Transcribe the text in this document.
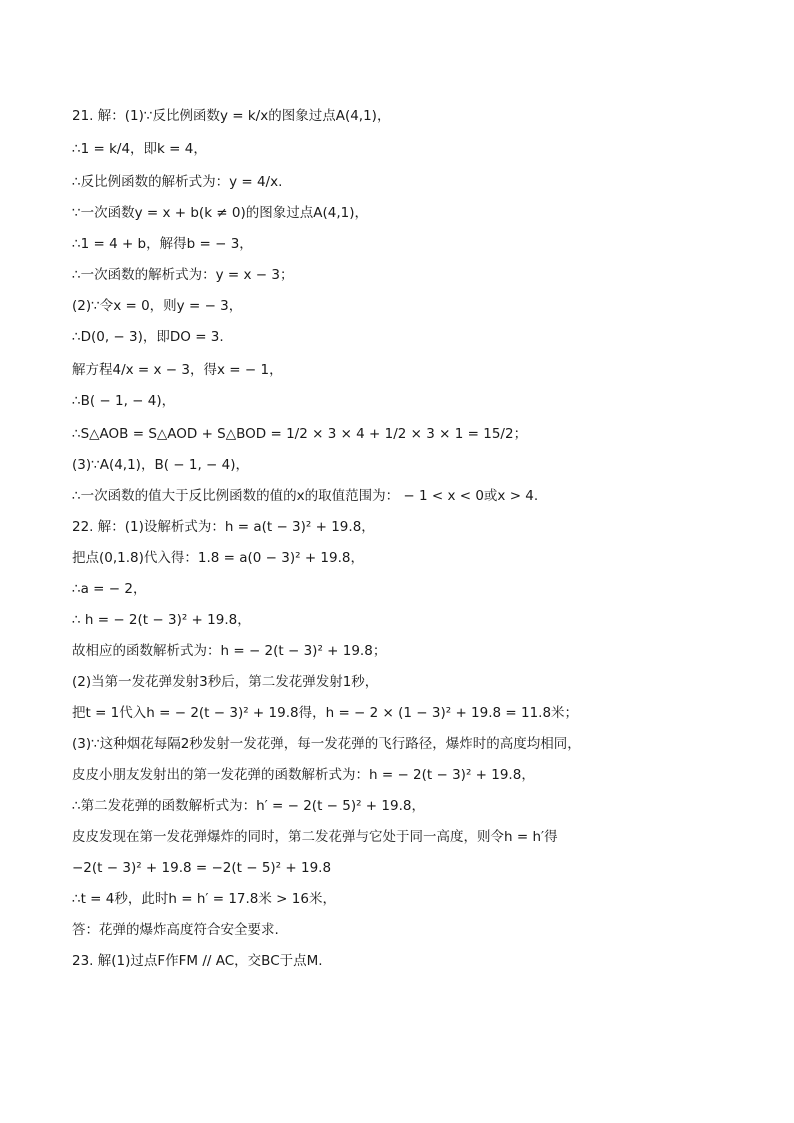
21. 解：(1)∵反比例函数y = k/x的图象过点A(4,1)，
∴1 = k/4，即k = 4，
∴反比例函数的解析式为：y = 4/x.
∵一次函数y = x + b(k ≠ 0)的图象过点A(4,1)，
∴1 = 4 + b，解得b = − 3，
∴一次函数的解析式为：y = x − 3；
(2)∵令x = 0，则y = − 3，
∴D(0, − 3)，即DO = 3.
解方程4/x = x − 3，得x = − 1，
∴B( − 1, − 4)，
∴S△AOB = S△AOD + S△BOD = 1/2 × 3 × 4 + 1/2 × 3 × 1 = 15/2；
(3)∵A(4,1)，B( − 1, − 4)，
∴一次函数的值大于反比例函数的值的x的取值范围为： − 1 < x < 0或x > 4.
22. 解：(1)设解析式为：h = a(t − 3)² + 19.8，
把点(0,1.8)代入得：1.8 = a(0 − 3)² + 19.8，
∴a = − 2，
∴ h = − 2(t − 3)² + 19.8，
故相应的函数解析式为：h = − 2(t − 3)² + 19.8；
(2)当第一发花弹发射3秒后，第二发花弹发射1秒，
把t = 1代入h = − 2(t − 3)² + 19.8得，h = − 2 × (1 − 3)² + 19.8 = 11.8米；
(3)∵这种烟花每隔2秒发射一发花弹，每一发花弹的飞行路径，爆炸时的高度均相同，
皮皮小朋友发射出的第一发花弹的函数解析式为：h = − 2(t − 3)² + 19.8，
∴第二发花弹的函数解析式为：h′ = − 2(t − 5)² + 19.8，
皮皮发现在第一发花弹爆炸的同时，第二发花弹与它处于同一高度，则令h = h′得
−2(t − 3)² + 19.8 = −2(t − 5)² + 19.8
∴t = 4秒，此时h = h′ = 17.8米 > 16米，
答：花弹的爆炸高度符合安全要求.
23. 解(1)过点F作FM // AC，交BC于点M.
